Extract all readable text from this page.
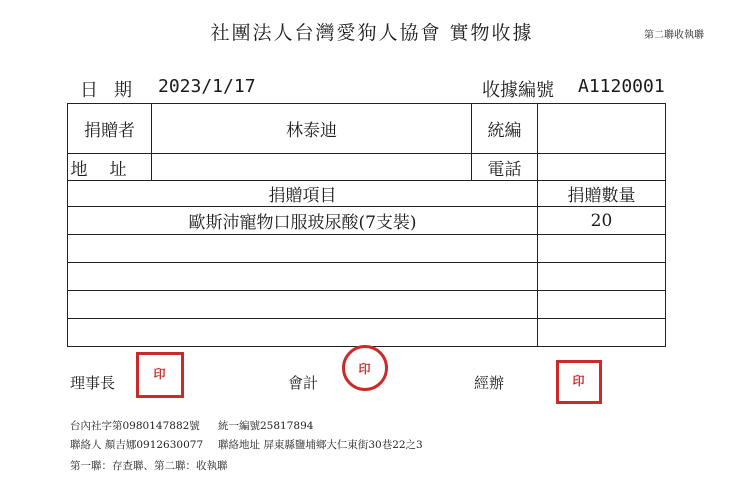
社團法人台灣愛狗人協會 實物收據	第二聯收執聯
日期 2023/1/17	收據編號 A1120001
捐贈者	林泰迪	統編	
地址		電話	
捐贈項目			捐贈數量
歐斯沛寵物口服玻尿酸(7支裝)			20

理事長	印	會計
印
經辦	印
台內社字第0980147882號 統一編號25817894
聯絡人 顏吉娜0912630077 聯絡地址 屏東縣鹽埔鄉大仁東街30巷22之3
第一聯：存查聯、第二聯：收執聯
